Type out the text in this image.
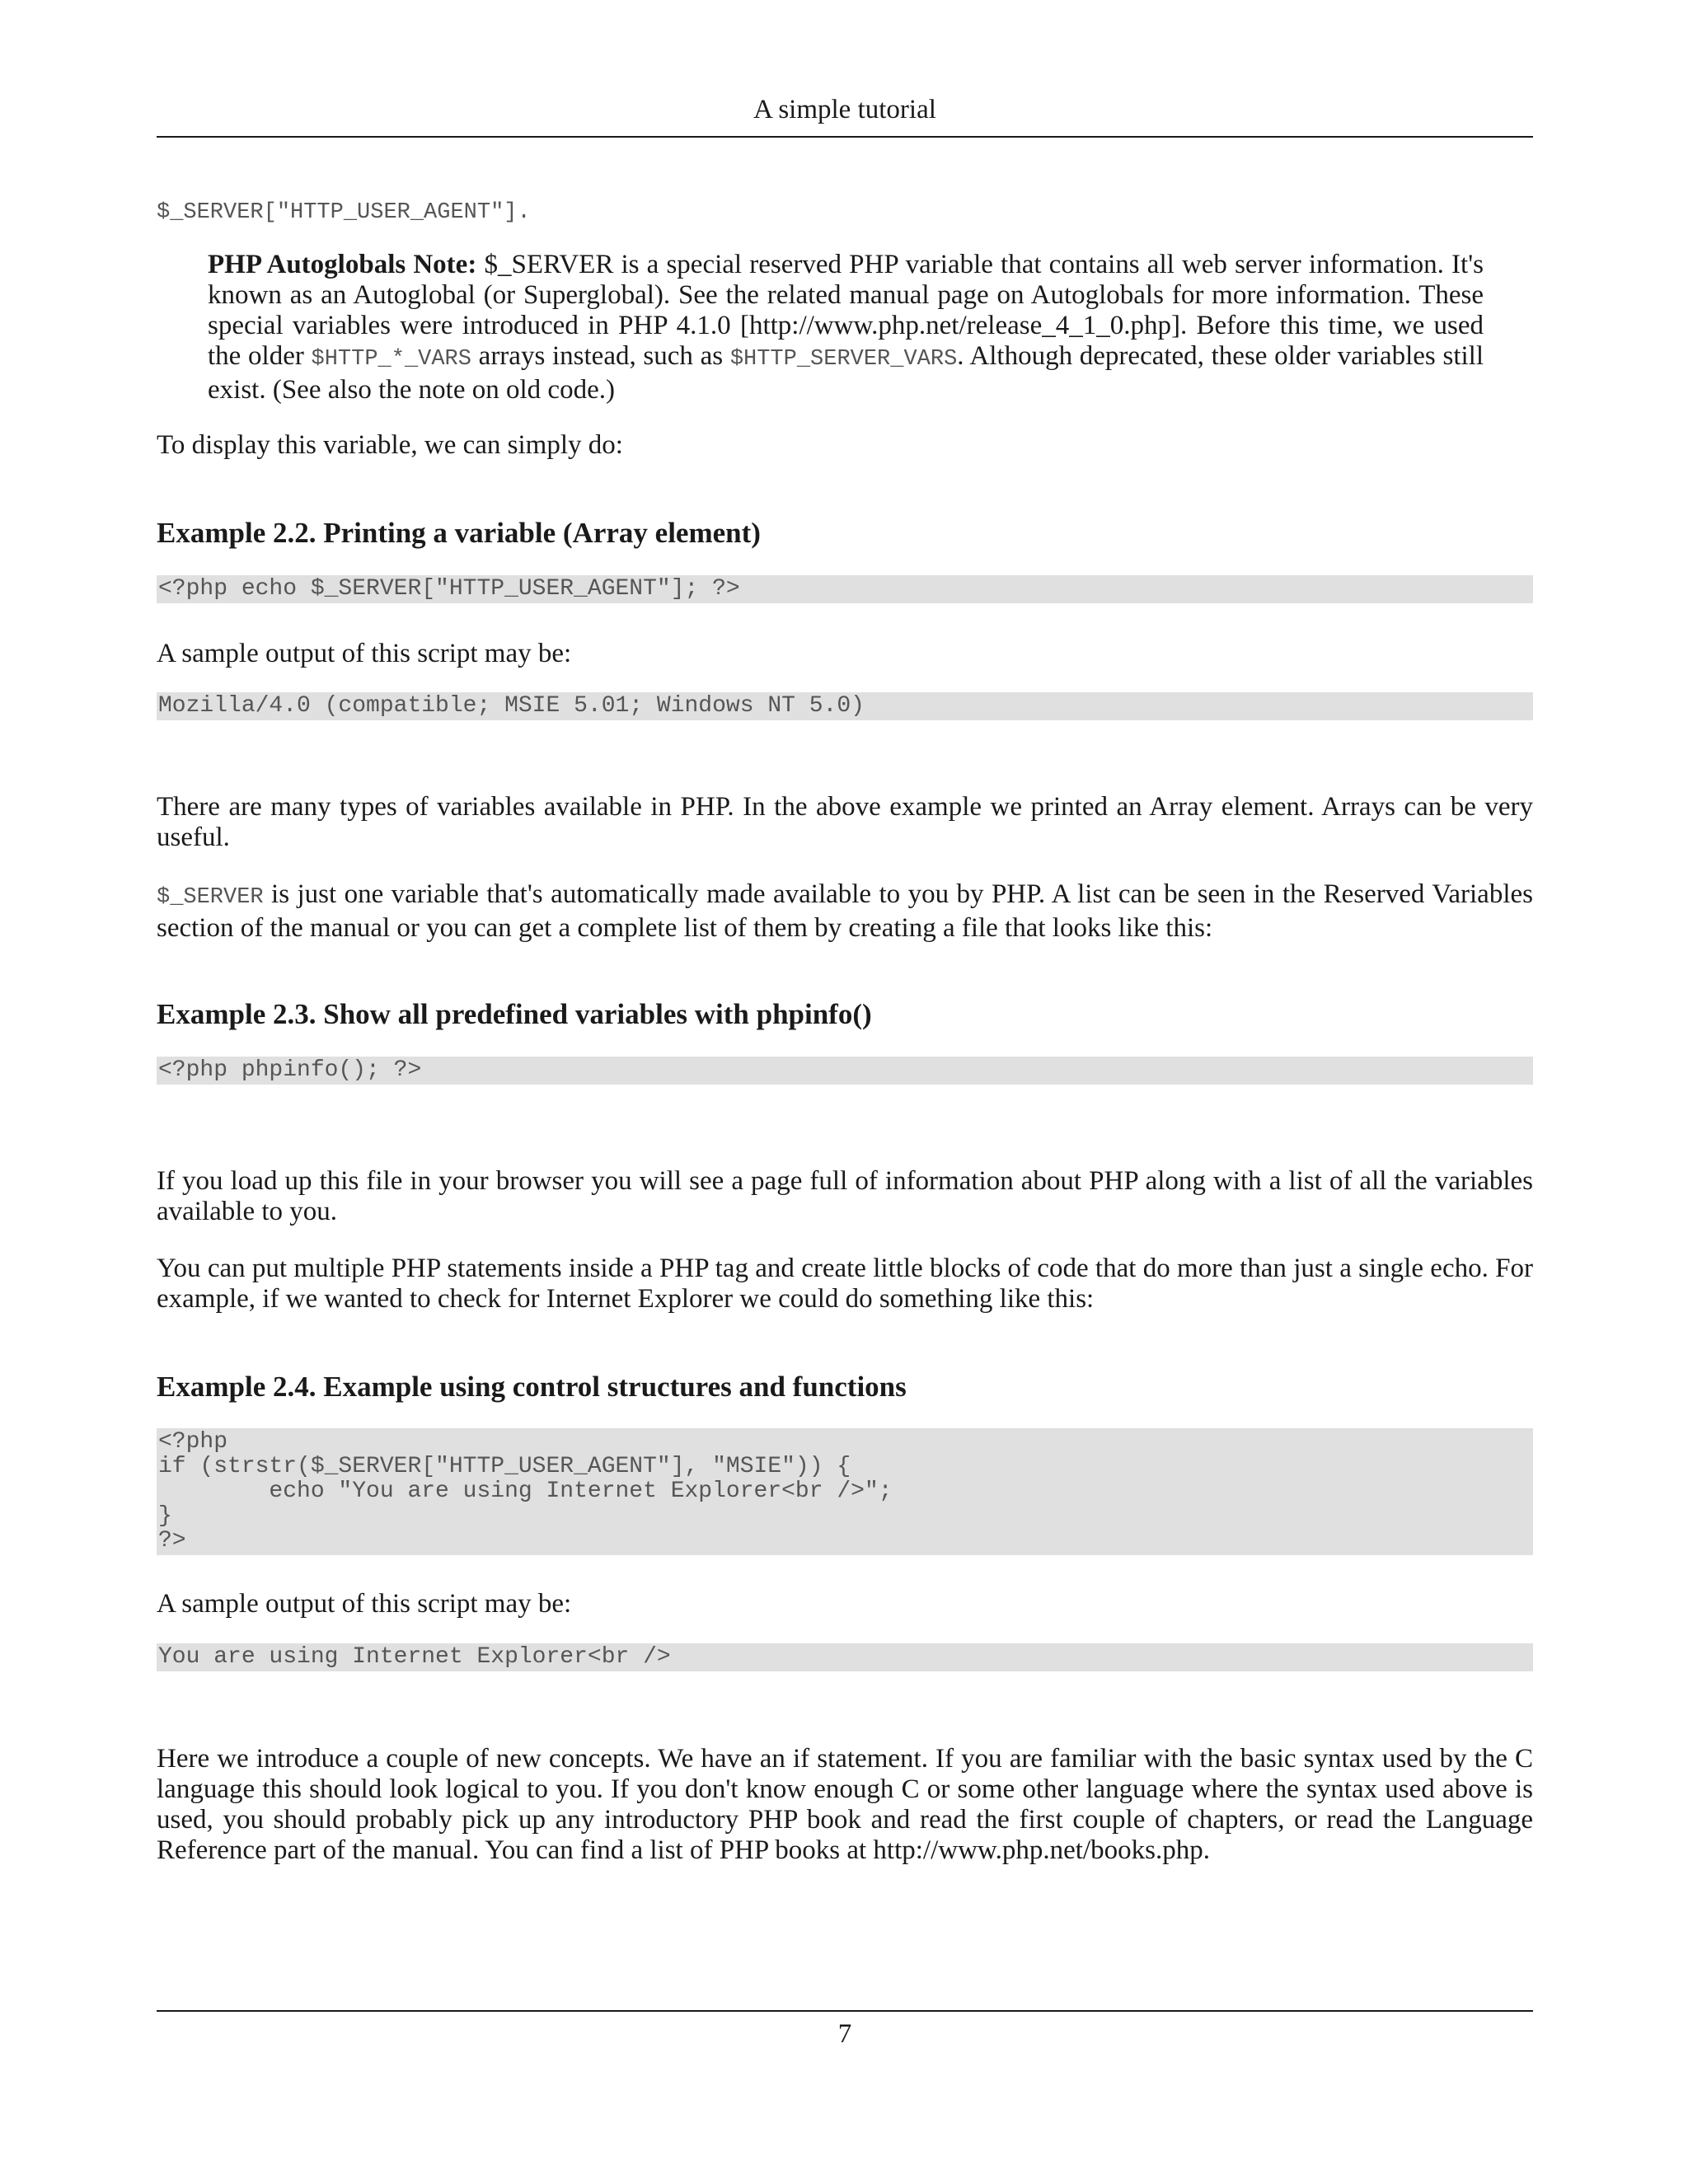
A simple tutorial
$_SERVER["HTTP_USER_AGENT"].

PHP Autoglobals Note: $_SERVER is a special reserved PHP variable that contains all web server information. It's known as an Autoglobal (or Superglobal). See the related manual page on Autoglobals for more information. These special variables were introduced in PHP 4.1.0 [http://www.php.net/release_4_1_0.php]. Before this time, we used the older $HTTP_*_VARS arrays instead, such as $HTTP_SERVER_VARS. Although deprecated, these older variables still exist. (See also the note on old code.)

To display this variable, we can simply do:

Example 2.2. Printing a variable (Array element)
<?php echo $_SERVER["HTTP_USER_AGENT"]; ?>

A sample output of this script may be:

Mozilla/4.0 (compatible; MSIE 5.01; Windows NT 5.0)

There are many types of variables available in PHP. In the above example we printed an Array element. Arrays can be very useful.

$_SERVER is just one variable that's automatically made available to you by PHP. A list can be seen in the Reserved Variables section of the manual or you can get a complete list of them by creating a file that looks like this:

Example 2.3. Show all predefined variables with phpinfo()
<?php phpinfo(); ?>

If you load up this file in your browser you will see a page full of information about PHP along with a list of all the variables available to you.

You can put multiple PHP statements inside a PHP tag and create little blocks of code that do more than just a single echo. For example, if we wanted to check for Internet Explorer we could do something like this:

Example 2.4. Example using control structures and functions
<?php
if (strstr($_SERVER["HTTP_USER_AGENT"], "MSIE")) {
echo "You are using Internet Explorer<br />";
}
?>

A sample output of this script may be:

You are using Internet Explorer<br />

Here we introduce a couple of new concepts. We have an if statement. If you are familiar with the basic syntax used by the C language this should look logical to you. If you don't know enough C or some other language where the syntax used above is used, you should probably pick up any introductory PHP book and read the first couple of chapters, or read the Language Reference part of the manual. You can find a list of PHP books at http://www.php.net/books.php.

7
